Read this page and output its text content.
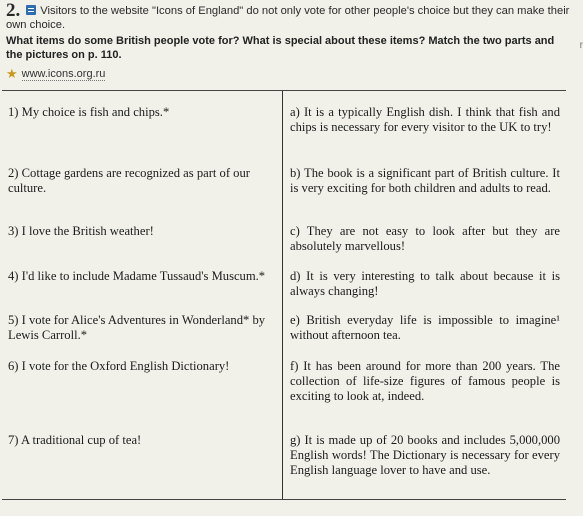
2. Visitors to the website "Icons of England" do not only vote for other people's choice but they can make their own choice.
What items do some British people vote for? What is special about these items? Match the two parts and the pictures on p. 110.
★ www.icons.org.ru
r
1) My choice is fish and chips.*
2) Cottage gardens are recognized as part of our culture.
3) I love the British weather!
4) I'd like to include Madame Tussaud's Muscum.*
5) I vote for Alice's Adventures in Wonderland* by Lewis Carroll.*
6) I vote for the Oxford English Dictionary!
7) A traditional cup of tea!
a) It is a typically English dish. I think that fish and chips is necessary for every visitor to the UK to try!
b) The book is a significant part of British culture. It is very exciting for both children and adults to read.
c) They are not easy to look after but they are absolutely marvellous!
d) It is very interesting to talk about because it is always changing!
e) British everyday life is impossible to imagine¹ without afternoon tea.
f) It has been around for more than 200 years. The collection of life-size figures of famous people is exciting to look at, indeed.
g) It is made up of 20 books and includes 5,000,000 English words! The Dictionary is necessary for every English language lover to have and use.
